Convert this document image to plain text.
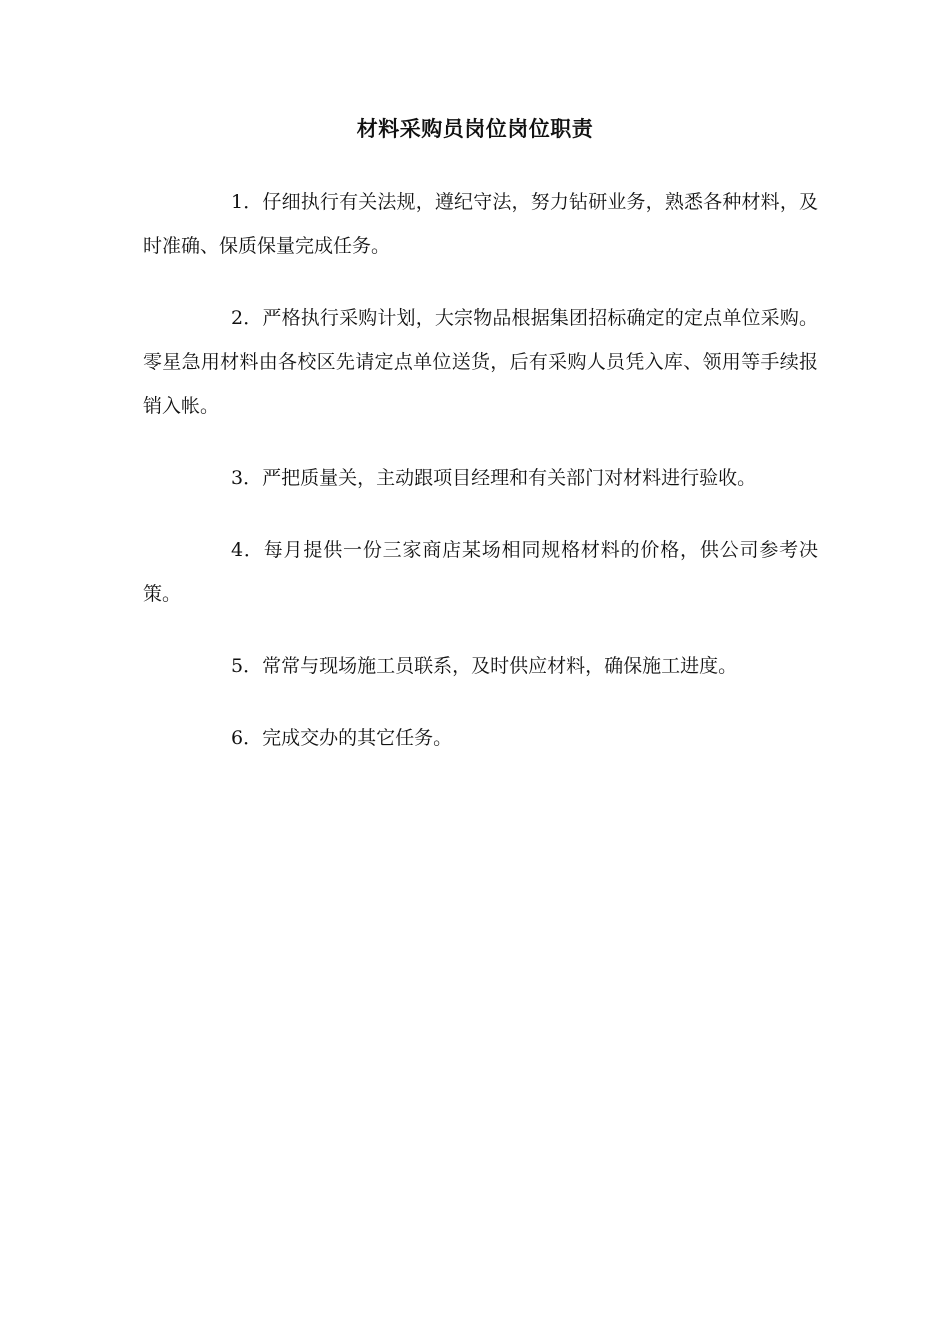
材料采购员岗位岗位职责

1．仔细执行有关法规，遵纪守法，努力钻研业务，熟悉各种材料，及时准确、保质保量完成任务。

2．严格执行采购计划，大宗物品根据集团招标确定的定点单位采购。零星急用材料由各校区先请定点单位送货，后有采购人员凭入库、领用等手续报销入帐。

3．严把质量关，主动跟项目经理和有关部门对材料进行验收。

4．每月提供一份三家商店某场相同规格材料的价格，供公司参考决策。

5．常常与现场施工员联系，及时供应材料，确保施工进度。

6．完成交办的其它任务。
